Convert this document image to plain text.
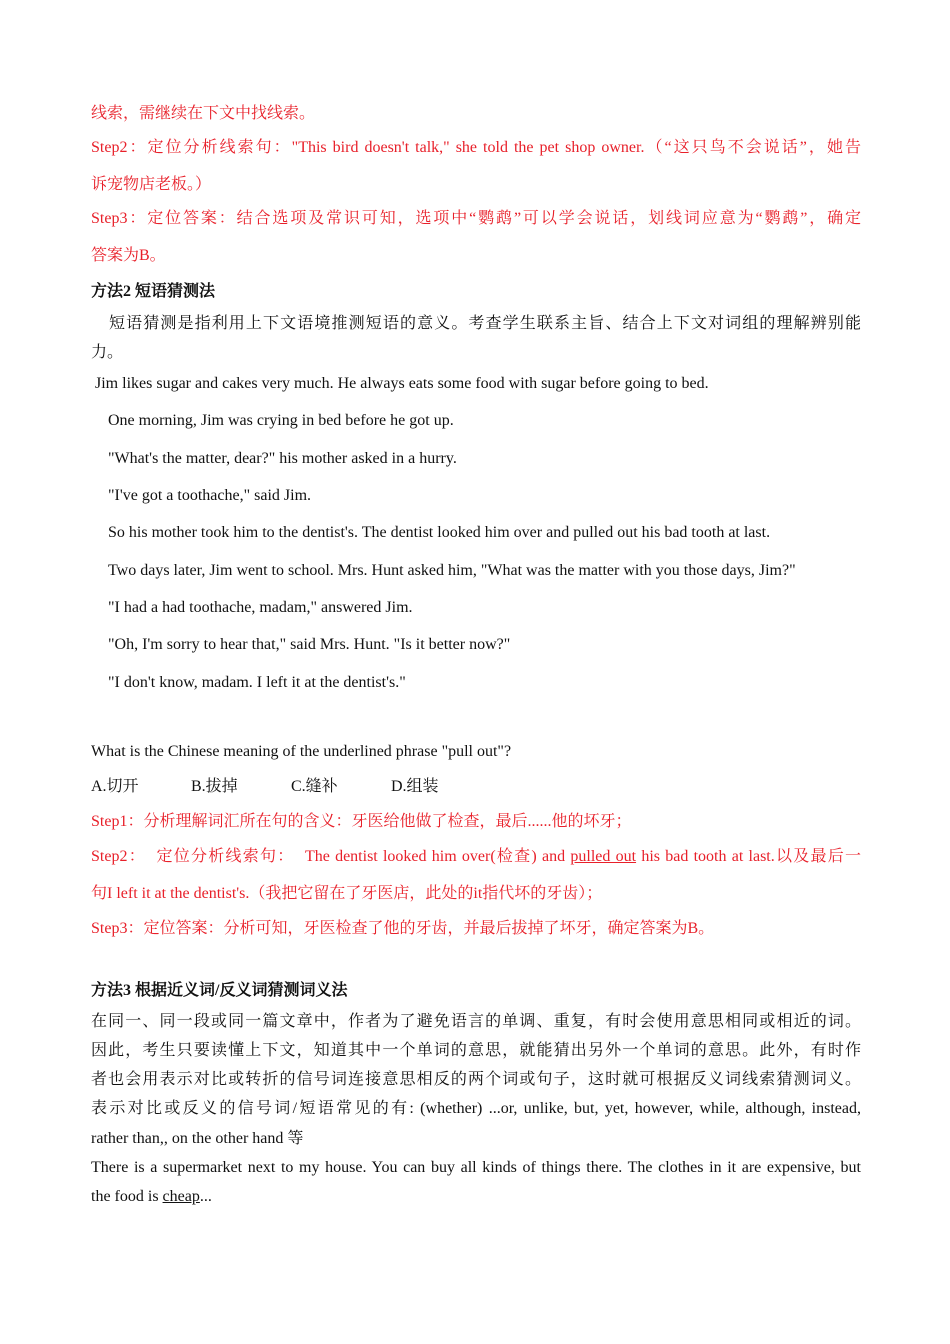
线索，需继续在下文中找线索。
Step2：定位分析线索句："This bird doesn't talk," she told the pet shop owner.（“这只鸟不会说话”，她告
诉宠物店老板。）
Step3：定位答案：结合选项及常识可知，选项中“鹦鹉”可以学会说话，划线词应意为“鹦鹉”，确定
答案为B。
方法2 短语猜测法
短语猜测是指利用上下文语境推测短语的意义。考查学生联系主旨、结合上下文对词组的理解辨别能
力。
Jim likes sugar and cakes very much. He always eats some food with sugar before going to bed.
One morning, Jim was crying in bed before he got up.
"What's the matter, dear?" his mother asked in a hurry.
"I've got a toothache," said Jim.
So his mother took him to the dentist's. The dentist looked him over and pulled out his bad tooth at last.
Two days later, Jim went to school. Mrs. Hunt asked him, "What was the matter with you those days, Jim?"
"I had a had toothache, madam," answered Jim.
"Oh, I'm sorry to hear that," said Mrs. Hunt. "Is it better now?"
"I don't know, madam. I left it at the dentist's."
What is the Chinese meaning of the underlined phrase "pull out"?
A.切开	B.拔掉	C.缝补	D.组装
Step1：分析理解词汇所在句的含义：牙医给他做了检查，最后......他的坏牙；
Step2：  定位分析线索句：  The dentist looked him over(检查) and pulled out his bad tooth at last.以及最后一
句I left it at the dentist's.（我把它留在了牙医店，此处的it指代坏的牙齿）；
Step3：定位答案：分析可知，牙医检查了他的牙齿，并最后拔掉了坏牙，确定答案为B。
方法3 根据近义词/反义词猜测词义法
在同一、同一段或同一篇文章中，作者为了避免语言的单调、重复，有时会使用意思相同或相近的词。
因此，考生只要读懂上下文，知道其中一个单词的意思，就能猜出另外一个单词的意思。此外，有时作
者也会用表示对比或转折的信号词连接意思相反的两个词或句子，这时就可根据反义词线索猜测词义。
表示对比或反义的信号词/短语常见的有: (whether) ...or, unlike, but, yet, however, while, although, instead,
rather than,, on the other hand 等
There is a supermarket next to my house. You can buy all kinds of things there. The clothes in it are expensive, but
the food is cheap...
